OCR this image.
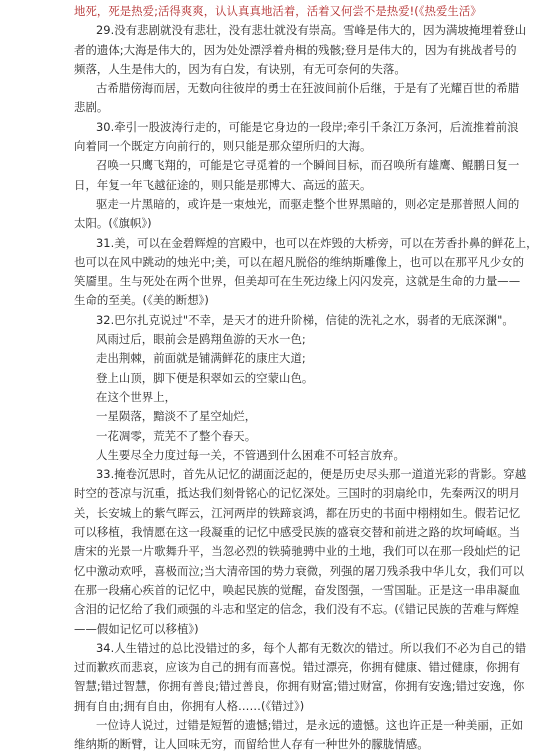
地死，死是热爱;活得爽爽，认认真真地活着，活着又何尝不是热爱!(《热爱生活》
29.没有悲剧就没有悲壮，没有悲壮就没有崇高。雪峰是伟大的，因为满坡掩埋着登山
者的遗体;大海是伟大的，因为处处漂浮着舟楫的残骸;登月是伟大的，因为有挑战者号的
频落，人生是伟大的，因为有白发，有诀别，有无可奈何的失落。
古希腊傍海而居，无数向往彼岸的勇士在狂波间前仆后继，于是有了光耀百世的希腊
悲剧。
30.牵引一股波涛行走的，可能是它身边的一段岸;牵引千条江万条河，后流推着前浪
向着同一个既定方向前行的，则只能是那众望所归的大海。
召唤一只鹰飞翔的，可能是它寻觅着的一个瞬间目标，而召唤所有雄鹰、鲲鹏日复一
日，年复一年飞越征途的，则只能是那博大、高远的蓝天。
驱走一片黑暗的，或许是一束烛光，而驱走整个世界黑暗的，则必定是那普照人间的
太阳。(《旗帜》)
31.美，可以在金碧辉煌的宫殿中，也可以在炸毁的大桥旁，可以在芳香扑鼻的鲜花上，
也可以在风中跳动的烛光中;美，可以在超凡脱俗的维纳斯雕像上，也可以在那平凡少女的
笑靥里。生与死处在两个世界，但美却可在生死边缘上闪闪发亮，这就是生命的力量——
生命的至美。(《美的断想》)
32.巴尔扎克说过"不幸，是天才的进升阶梯，信徒的洗礼之水，弱者的无底深渊"。
风雨过后，眼前会是鸥翔鱼游的天水一色;
走出荆棘，前面就是铺满鲜花的康庄大道;
登上山顶，脚下便是积翠如云的空蒙山色。
在这个世界上，
一星陨落，黯淡不了星空灿烂，
一花凋零，荒芜不了整个春天。
人生要尽全力度过每一关，不管遇到什么困难不可轻言放弃。
33.掩卷沉思时，首先从记忆的湖面泛起的，便是历史尽头那一道道光彩的背影。穿越
时空的苍凉与沉重，抵达我们刻骨铭心的记忆深处。三国时的羽扇纶巾，先秦两汉的明月
关，长安城上的紫气晖云，江河两岸的铁蹄哀鸿，都在历史的书面中栩栩如生。假若记忆
可以移植，我情愿在这一段凝重的记忆中感受民族的盛衰交替和前进之路的坎坷崎岖。当
唐宋的光景一片歌舞升平，当忽必烈的铁骑驰骋中业的土地，我们可以在那一段灿烂的记
忆中激动欢呼，喜极而泣;当大清帝国的势力衰微，列强的屠刀残杀我中华儿女，我们可以
在那一段痛心疾首的记忆中，唤起民族的觉醒，奋发图强，一雪国耻。正是这一串串凝血
含泪的记忆给了我们顽强的斗志和坚定的信念，我们没有不忘。(《错记民族的苦难与辉煌
——假如记忆可以移植》)
34.人生错过的总比没错过的多，每个人都有无数次的错过。所以我们不必为自己的错
过而歉疚而悲哀，应该为自己的拥有而喜悦。错过漂亮，你拥有健康、错过健康，你拥有
智慧;错过智慧，你拥有善良;错过善良，你拥有财富;错过财富，你拥有安逸;错过安逸，你
拥有自由;拥有自由，你拥有人格……(《错过》)
一位诗人说过，过错是短暂的遗憾;错过，是永远的遗憾。这也许正是一种美丽，正如
维纳斯的断臂，让人回味无穷，而留给世人存有一种世外的朦胧情感。
